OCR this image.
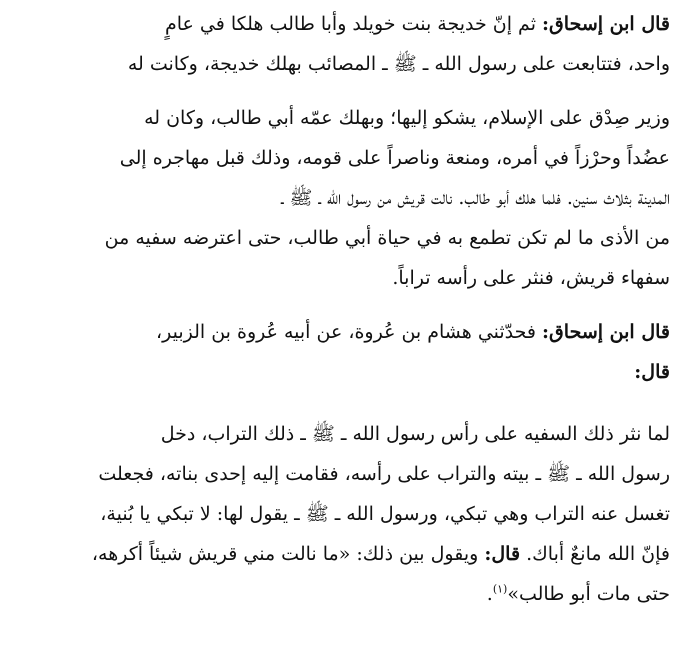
قال ابن إسحاق: ثم إنّ خديجة بنت خويلد وأبا طالب هلكا في عامٍ
واحد، فتتابعت على رسول الله ـ ﷺ ـ المصائب بهلك خديجة، وكانت له
وزير صِدْق على الإسلام، يشكو إليها؛ وبهلك عمّه أبي طالب، وكان له
عضُداً وحرْزاً في أمره، ومنعة وناصراً على قومه، وذلك قبل مهاجره إلى
المدينة بثلاث سنين. فلما هلك أبو طالب. نالت قريش من رسول الله ـ ﷺ ـ
من الأذى ما لم تكن تطمع به في حياة أبي طالب، حتى اعترضه سفيه من
سفهاء قريش، فنثر على رأسه تراباً.
قال ابن إسحاق: فحدّثني هشام بن عُروة، عن أبيه عُروة بن الزبير،
قال:
لما نثر ذلك السفيه على رأس رسول الله ـ ﷺ ـ ذلك التراب، دخل
رسول الله ـ ﷺ ـ بيته والتراب على رأسه، فقامت إليه إحدى بناته، فجعلت
تغسل عنه التراب وهي تبكي، ورسول الله ـ ﷺ ـ يقول لها: لا تبكي يا بُنية،
فإنّ الله مانعٌ أباك. قال: ويقول بين ذلك: «ما نالت مني قريش شيئاً أكرهه،
حتى مات أبو طالب»$^{(١)}$.
